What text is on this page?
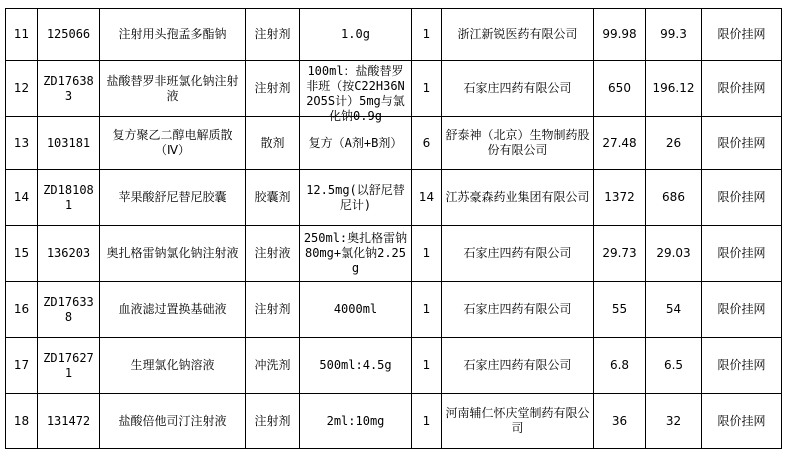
11	125066	注射用头孢孟多酯钠	注射剂	1.0g	1	浙江新锐医药有限公司	99.98	99.3	限价挂网
12	ZD176383	盐酸替罗非班氯化钠注射液	注射剂	100ml：盐酸替罗非班（按C22H36N2O5S计）5mg与氯化钠0.9g	1	石家庄四药有限公司	650	196.12	限价挂网
13	103181	复方聚乙二醇电解质散（Ⅳ）	散剂	复方（A剂+B剂）	6	舒泰神（北京）生物制药股份有限公司	27.48	26	限价挂网
14	ZD181081	苹果酸舒尼替尼胶囊	胶囊剂	12.5mg(以舒尼替尼计)	14	江苏豪森药业集团有限公司	1372	686	限价挂网
15	136203	奥扎格雷钠氯化钠注射液	注射液	250ml:奥扎格雷钠80mg+氯化钠2.25g	1	石家庄四药有限公司	29.73	29.03	限价挂网
16	ZD176338	血液滤过置换基础液	注射剂	4000ml	1	石家庄四药有限公司	55	54	限价挂网
17	ZD176271	生理氯化钠溶液	冲洗剂	500ml:4.5g	1	石家庄四药有限公司	6.8	6.5	限价挂网
18	131472	盐酸倍他司汀注射液	注射剂	2ml:10mg	1	河南辅仁怀庆堂制药有限公司	36	32	限价挂网
